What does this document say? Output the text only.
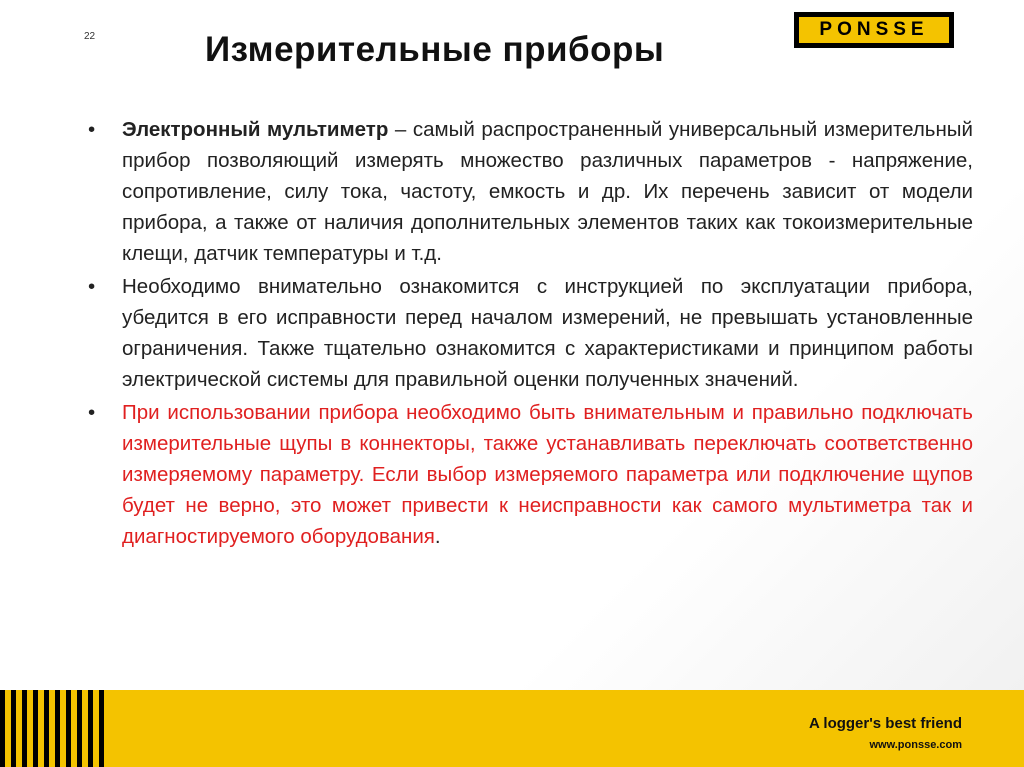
22	Измерительные приборы
PONSSE
• Электронный мультиметр – самый распространенный универсальный измерительный прибор позволяющий измерять множество различных параметров - напряжение, сопротивление, силу тока, частоту, емкость и др. Их перечень зависит от модели прибора, а также от наличия дополнительных элементов таких как токоизмерительные клещи, датчик температуры и т.д.
• Необходимо внимательно ознакомится с инструкцией по эксплуатации прибора, убедится в его исправности перед началом измерений, не превышать установленные ограничения. Также тщательно ознакомится с характеристиками и принципом работы электрической системы для правильной оценки полученных значений.
• При использовании прибора необходимо быть внимательным и правильно подключать измерительные щупы в коннекторы, также устанавливать переключать соответственно измеряемому параметру. Если выбор измеряемого параметра или подключение щупов будет не верно, это может привести к неисправности как самого мультиметра так и диагностируемого оборудования.
A logger's best friend
www.ponsse.com
